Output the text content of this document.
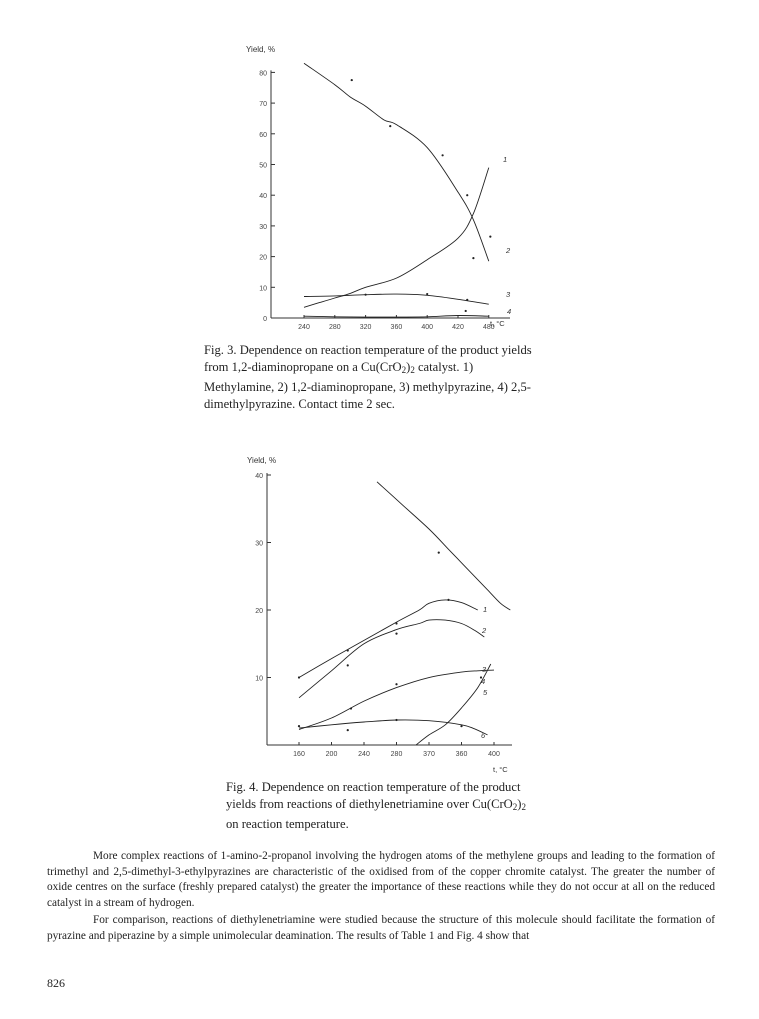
0
10
20
30
40
50
60
70
80
240	280	320	360	400	420	480
Yield, %
t, °C
1
2
3
4
10
20
30
40
160	200	240	280	370	360	400
Yield, %
t, °C
1
2
3
4
5
6
Fig. 3. Dependence on reaction temperature of the product yields from 1,2-diaminopropane on a $Cu(CrO_2)_2$ catalyst. 1) Methylamine, 2) 1,2-diaminopropane, 3) methylpyrazine, 4) 2,5-dimethylpyrazine. Contact time 2 sec.
Fig. 4. Dependence on reaction temperature of the product yields from reactions of diethylenetriamine over $Cu(CrO_2)_2$ on reaction temperature.
More complex reactions of 1-amino-2-propanol involving the hydrogen atoms of the methylene groups and leading to the formation of trimethyl and 2,5-dimethyl-3-ethylpyrazines are characteristic of the oxidised from of the copper chromite catalyst. The greater the number of oxide centres on the surface (freshly prepared catalyst) the greater the importance of these reactions while they do not occur at all on the reduced catalyst in a stream of hydrogen.
For comparison, reactions of diethylenetriamine were studied because the structure of this molecule should facilitate the formation of pyrazine and piperazine by a simple unimolecular deamination. The results of Table 1 and Fig. 4 show that
826
